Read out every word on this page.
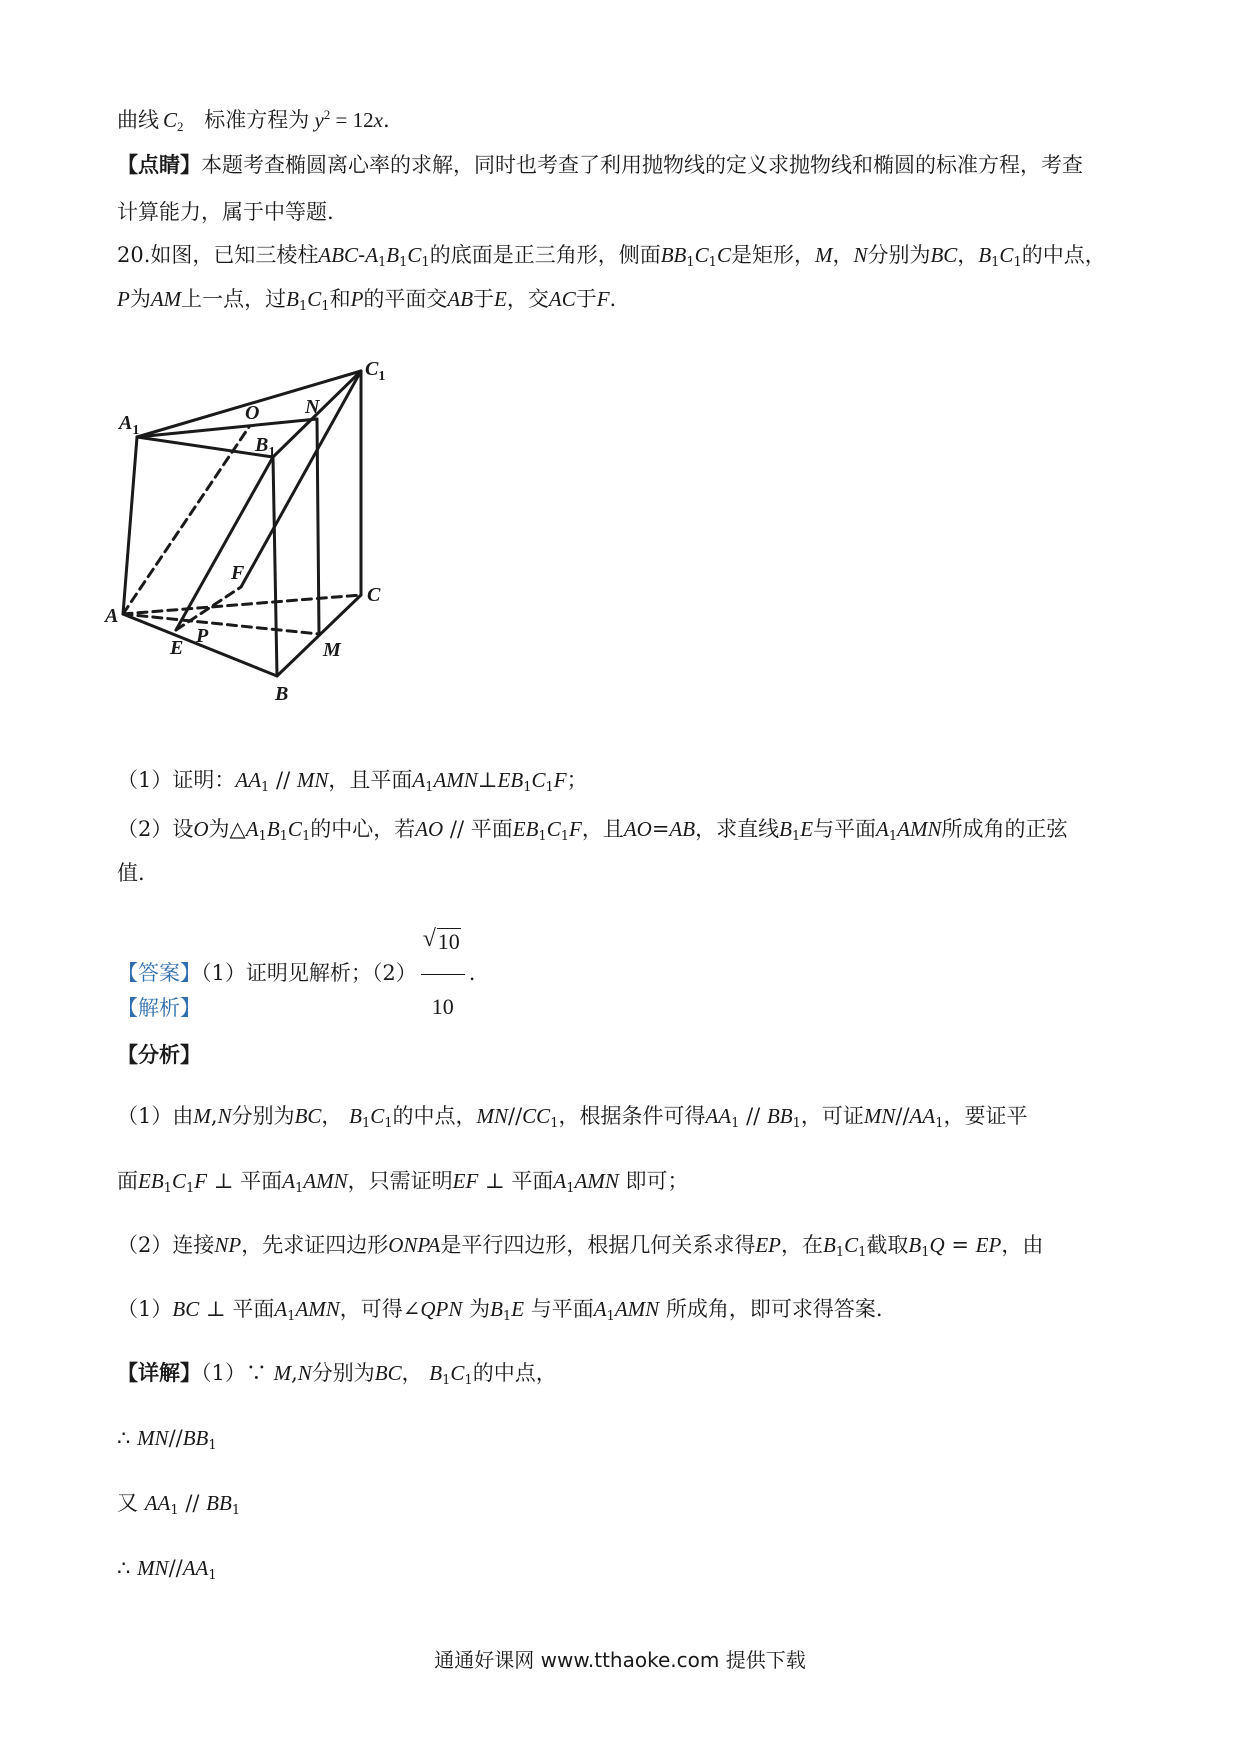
曲线 $C_2$ 标准方程为 $y^2 = 12x$.
【点睛】本题考查椭圆离心率的求解，同时也考查了利用抛物线的定义求抛物线和椭圆的标准方程，考查
计算能力，属于中等题.
20.如图，已知三棱柱ABC-$A_1B_1C_1$的底面是正三角形，侧面$BB_1C_1C$是矩形，M，N分别为BC，$B_1C_1$的中点，
P为AM上一点，过$B_1C_1$和P的平面交AB于E，交AC于F.
$A_1$
O N
$C_1$
$B_1$
F
C
A
P
M
E
B
（1）证明：$AA_1$ // MN，且平面$A_1AMN\perp EB_1C_1F$；
（2）设O为$\triangle A_1B_1C_1$的中心，若AO // 平面$EB_1C_1F$，且AO=AB，求直线$B_1E$与平面$A_1AMN$所成角的正弦
值.
【答案】（1）证明见解析；（2）
√ $\frac{10}{10}$ .
【解析】
【分析】
（1）由M,N分别为BC， $B_1C_1$的中点，$MN//CC_1$，根据条件可得$AA_1 // BB_1$，可证$MN//AA_1$，要证平
面$EB_1C_1F$ ⊥ 平面$A_1AMN$，只需证明EF ⊥ 平面$A_1AMN$ 即可；
（2）连接NP，先求证四边形ONPA是平行四边形，根据几何关系求得EP，在$B_1C_1$截取$B_1Q$ = EP，由
（1）BC ⊥ 平面$A_1AMN$，可得∠QPN 为$B_1E$ 与平面$A_1AMN$ 所成角，即可求得答案.
【详解】（1）∵ M,N分别为BC， $B_1C_1$的中点，
∴ $MN//BB_1$
又 $AA_1 // BB_1$
∴ $MN//AA_1$
通通好课网 www.tthaoke.com 提供下载
